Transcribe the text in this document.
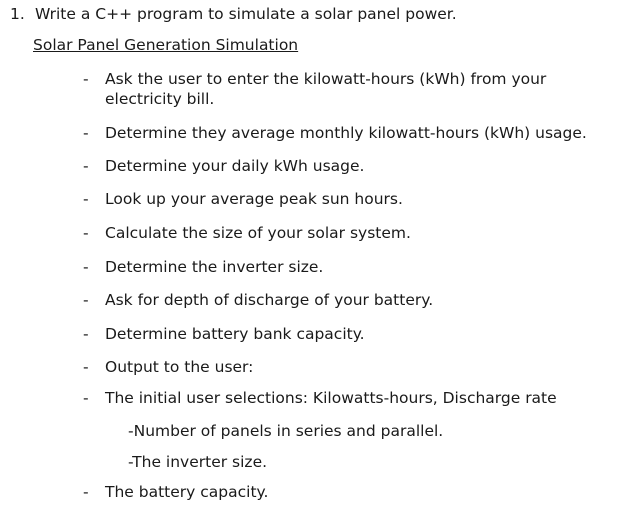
1. Write a C++ program to simulate a solar panel power.
Solar Panel Generation Simulation
- Ask the user to enter the kilowatt-hours (kWh) from your electricity bill.
- Determine they average monthly kilowatt-hours (kWh) usage.
- Determine your daily kWh usage.
- Look up your average peak sun hours.
- Calculate the size of your solar system.
- Determine the inverter size.
- Ask for depth of discharge of your battery.
- Determine battery bank capacity.
- Output to the user:
- The initial user selections: Kilowatts-hours, Discharge rate
-Number of panels in series and parallel.
-The inverter size.
- The battery capacity.
